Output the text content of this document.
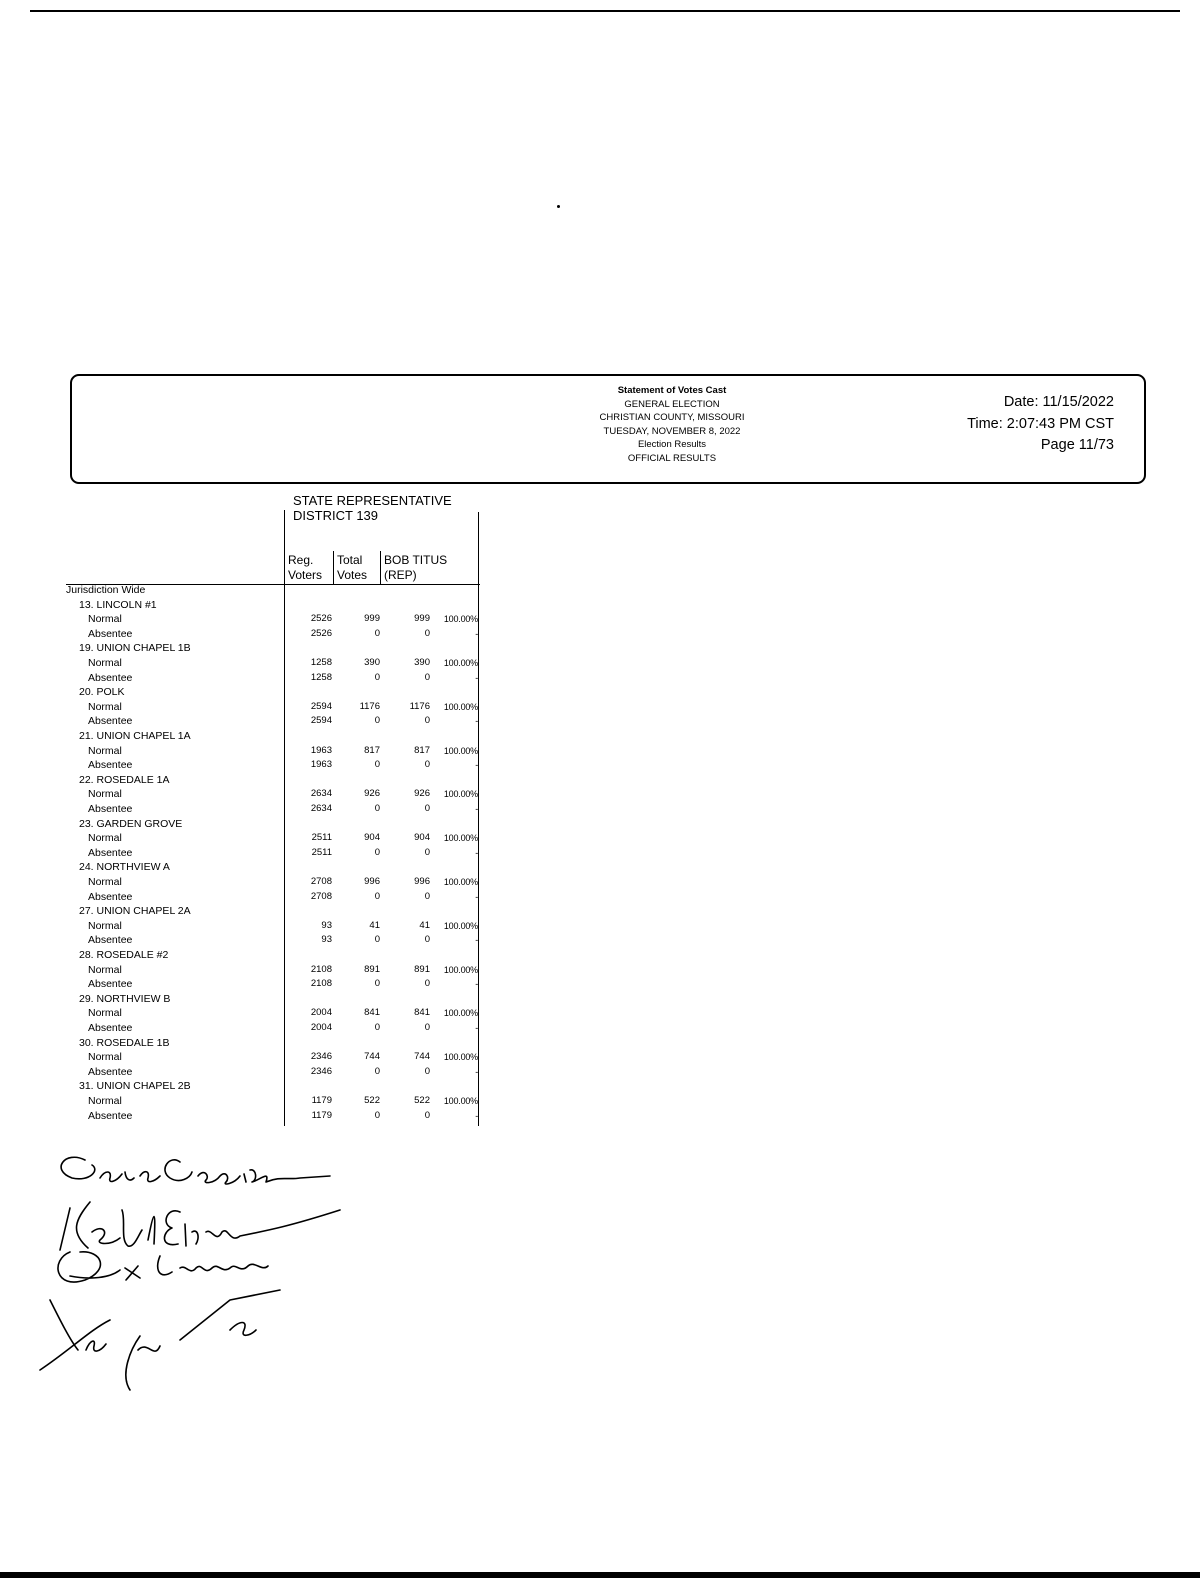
Statement of Votes Cast
GENERAL ELECTION
CHRISTIAN COUNTY, MISSOURI
TUESDAY, NOVEMBER 8, 2022
Election Results
OFFICIAL RESULTS
Date: 11/15/2022
Time: 2:07:43 PM CST
Page 11/73
STATE REPRESENTATIVE
DISTRICT 139
Reg.
Voters
Total
Votes
BOB TITUS
(REP)
Jurisdiction Wide
13. LINCOLN #1
Normal	2526	999	999	100.00%
Absentee	2526	0	0	-
19. UNION CHAPEL 1B
Normal	1258	390	390	100.00%
Absentee	1258	0	0	-
20. POLK
Normal	2594	1176	1176	100.00%
Absentee	2594	0	0	-
21. UNION CHAPEL 1A
Normal	1963	817	817	100.00%
Absentee	1963	0	0	-
22. ROSEDALE 1A
Normal	2634	926	926	100.00%
Absentee	2634	0	0	-
23. GARDEN GROVE
Normal	2511	904	904	100.00%
Absentee	2511	0	0	-
24. NORTHVIEW A
Normal	2708	996	996	100.00%
Absentee	2708	0	0	-
27. UNION CHAPEL 2A
Normal	93	41	41	100.00%
Absentee	93	0	0	-
28. ROSEDALE #2
Normal	2108	891	891	100.00%
Absentee	2108	0	0	-
29. NORTHVIEW B
Normal	2004	841	841	100.00%
Absentee	2004	0	0	-
30. ROSEDALE 1B
Normal	2346	744	744	100.00%
Absentee	2346	0	0	-
31. UNION CHAPEL 2B
Normal	1179	522	522	100.00%
Absentee	1179	0	0	-
